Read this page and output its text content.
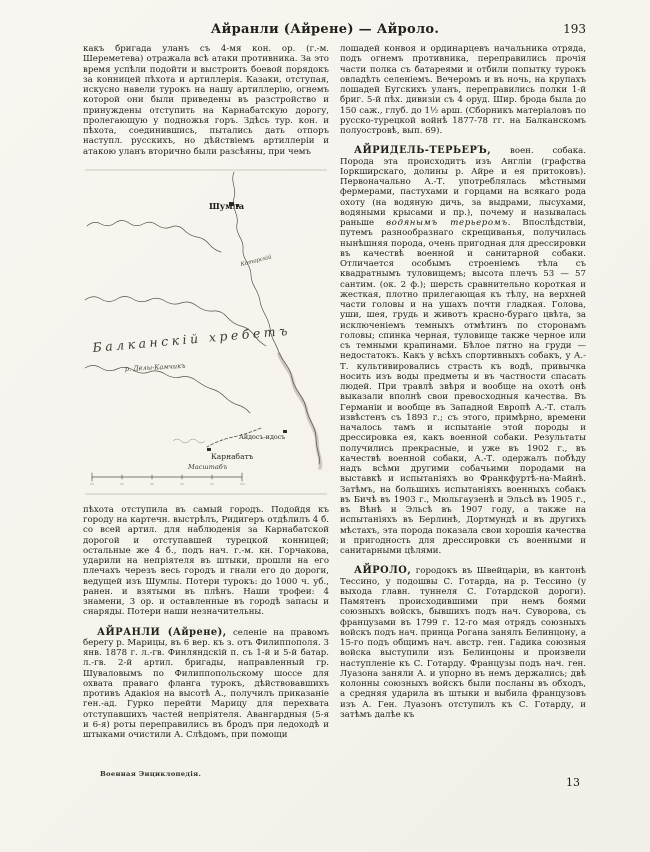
Айранли (Айрене) — Айроло.	193

какъ бригада уланъ съ 4-мя кон. ор. (г.-м. Шереметева) отражала всѣ атаки противника. За это время успѣли подойти и выстроить боевой порядокъ за конницей пѣхота и артиллерія. Казаки, отступая, искусно навели турокъ на нашу артиллерію, огнемъ которой они были приведены въ разстройство и принуждены отступить на Карнабатскую дорогу, пролегающую у подножья горъ. Здѣсь тур. кон. и пѣхота, соединившись, пытались дать отпоръ наступл. русскихъ, но дѣйствіемъ артиллеріи и атакою уланъ вторично были разсѣяны, при чемъ

Шумла
Которскій
Балканскій хребетъ
р. Делы-Камчикъ
Айдосъ-идосъ
Карнабатъ
Масштабъ

пѣхота отступила въ самый городъ. Подойдя къ городу на картечн. выстрѣлъ, Ридигеръ отдѣлилъ 4 б. со всей артил. для наблюденія за Карнабатской дорогой и отступавшей турецкой конницей; остальные же 4 б., подъ нач. г.-м. кн. Горчакова, ударили на непріятеля въ штыки, прошли на его плечахъ черезъ весь городъ и гнали его до дороги, ведущей изъ Шумлы. Потери турокъ: до 1000 ч. уб., ранен. и взятыми въ плѣнъ. Наши трофеи: 4 знамени, 3 ор. и оставленные въ городѣ запасы и снаряды. Потери наши незначительны.

АЙРАНЛИ (Айрене), селеніе на правомъ берегу р. Марицы, въ 6 вер. къ з. отъ Филиппополя. 3 янв. 1878 г. л.-гв. Финляндскій п. съ 1-й и 5-й батар. л.-гв. 2-й артил. бригады, направленный гр. Шуваловымъ по Филиппопольскому шоссе для охвата праваго фланга турокъ, дѣйствовавшихъ противъ Адакіоя на высотѣ А., получилъ приказаніе ген.-ад. Гурко перейти Марицу для перехвата отступавшихъ частей непріятеля. Авангардныя (5-я и 6-я) роты переправились въ бродъ при ледоходѣ и штыками очистили А. Слѣдомъ, при помощи

лошадей конвоя и ординарцевъ начальника отряда, подъ огнемъ противника, переправились прочія части полка съ батареями и отбили попытку турокъ овладѣть селеніемъ. Вечеромъ и въ ночь, на крупахъ лошадей Бугскихъ уланъ, переправились полки 1-й бриг. 5-й пѣх. дивизіи съ 4 оруд. Шир. брода была до 150 саж., глуб. до 1½ арш. (Сборникъ матеріаловъ по русско-турецкой войнѣ 1877-78 гг. на Балканскомъ полуостровѣ, вып. 69).

АЙРИДЕЛЬ-ТЕРЬЕРЪ, воен. собака. Порода эта происходитъ изъ Англіи (графства Іоркширскаго, долины р. Айре и ея притоковъ). Первоначально А.-Т. употреблялась мѣстными фермерами, пастухами и горцами на всякаго рода охоту (на водяную дичь, за выдрами, лысухами, водяными крысами и пр.), почему и называлась раньше водянымъ терьеромъ. Впослѣдствіи, путемъ разнообразнаго скрещиванья, получилась нынѣшняя порода, очень пригодная для дрессировки въ качествѣ военной и санитарной собаки. Отличается особымъ строеніемъ тѣла съ квадратнымъ туловищемъ; высота плечъ 53 — 57 сантим. (ок. 2 ф.); шерсть сравнительно короткая и жесткая, плотно прилегающая къ тѣлу, на верхней части головы и на ушахъ почти гладкая. Голова, уши, шея, грудь и животъ красно-бураго цвѣта, за исключеніемъ темныхъ отмѣтинъ по сторонамъ головы; спинка черная, туловище также черное или съ темными крапинами. Бѣлое пятно на груди — недостатокъ. Какъ у всѣхъ спортивныхъ собакъ, у А.-Т. культивировались страсть къ водѣ, привычка носить изъ воды предметы и въ частности спасать людей. При травлѣ звѣря и вообще на охотѣ онѣ выказали вполнѣ свои превосходныя качества. Въ Германіи и вообще въ Западной Европѣ А.-Т. сталъ извѣстенъ съ 1893 г.; съ этого, примѣрно, времени началось тамъ и испытаніе этой породы и дрессировка ея, какъ военной собаки. Результаты получились прекрасные, и уже въ 1902 г., въ качествѣ военной собаки, А.-Т. одержалъ побѣду надъ всѣми другими собачьими породами на выставкѣ и испытаніяхъ во Франкфуртѣ-на-Майнѣ. Затѣмъ, на большихъ испытаніяхъ военныхъ собакъ въ Бичѣ въ 1903 г., Мюльгаузенѣ и Эльсѣ въ 1905 г., въ Вѣнѣ и Эльсѣ въ 1907 году, а также на испытаніяхъ въ Берлинѣ, Дортмундѣ и въ другихъ мѣстахъ, эта порода показала свои хорошія качества и пригодность для дрессировки съ военными и санитарными цѣлями.

АЙРОЛО, городокъ въ Швейцаріи, въ кантонѣ Тессино, у подошвы С. Готарда, на р. Тессино (у выхода главн. туннеля С. Готардской дороги). Памятенъ происходившими при немъ боями союзныхъ войскъ, бывшихъ подъ нач. Суворова, съ французами въ 1799 г. 12-го мая отрядъ союзныхъ войскъ подъ нач. принца Рогана занялъ Белинцону, а 15-го подъ общимъ нач. австр. ген. Гадика союзныя войска выступили изъ Белинцоны и произвели наступленіе къ С. Готарду. Французы подъ нач. ген. Луазона заняли А. и упорно въ немъ держались; двѣ колонны союзныхъ войскъ были посланы въ обходъ, а средняя ударила въ штыки и выбила французовъ изъ А. Ген. Луазонъ отступилъ къ С. Готарду, и затѣмъ далѣе къ

Военная Энциклопедія.
13
